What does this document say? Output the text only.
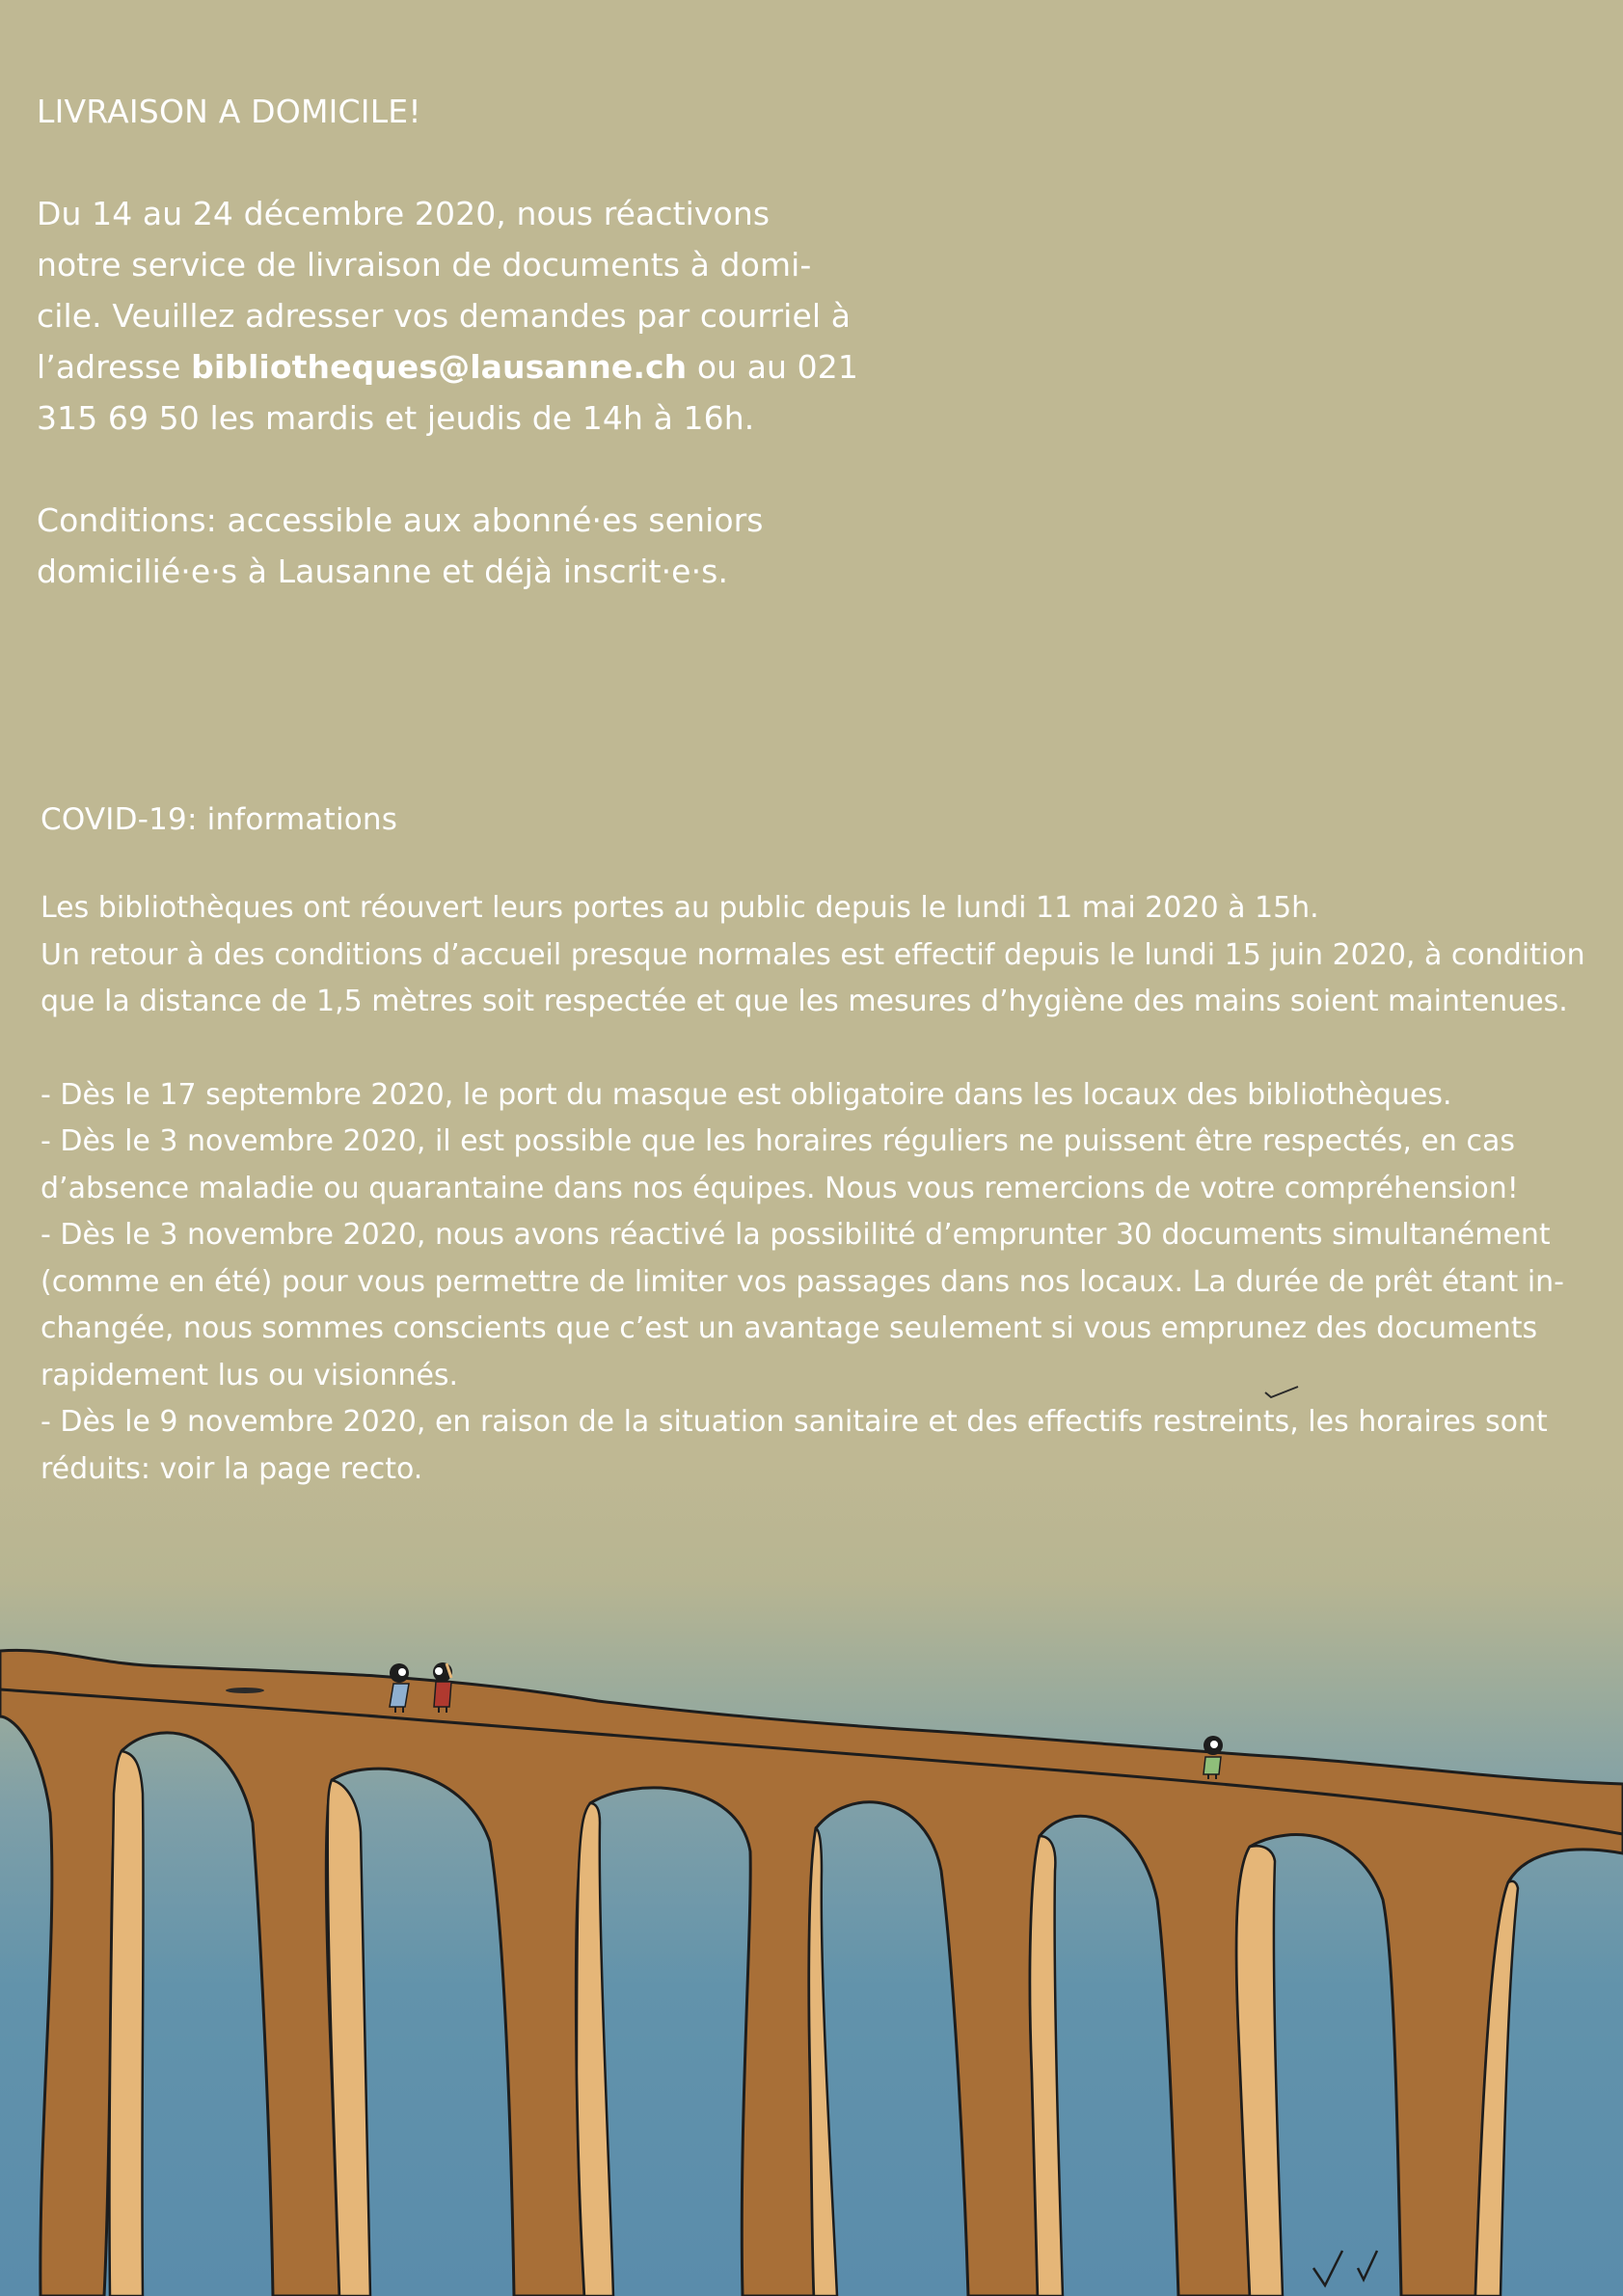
LIVRAISON A DOMICILE!

Du 14 au 24 décembre 2020, nous réactivons
notre service de livraison de documents à domi-
cile. Veuillez adresser vos demandes par courriel à
l’adresse bibliotheques@lausanne.ch ou au 021
315 69 50 les mardis et jeudis de 14h à 16h.

Conditions: accessible aux abonné·es seniors
domicilié·e·s à Lausanne et déjà inscrit·e·s.

COVID-19: informations

Les bibliothèques ont réouvert leurs portes au public depuis le lundi 11 mai 2020 à 15h.
Un retour à des conditions d’accueil presque normales est effectif depuis le lundi 15 juin 2020, à condition
que la distance de 1,5 mètres soit respectée et que les mesures d’hygiène des mains soient maintenues.

- Dès le 17 septembre 2020, le port du masque est obligatoire dans les locaux des bibliothèques.
- Dès le 3 novembre 2020, il est possible que les horaires réguliers ne puissent être respectés, en cas
d’absence maladie ou quarantaine dans nos équipes. Nous vous remercions de votre compréhension!
- Dès le 3 novembre 2020, nous avons réactivé la possibilité d’emprunter 30 documents simultanément
(comme en été) pour vous permettre de limiter vos passages dans nos locaux. La durée de prêt étant in-
changée, nous sommes conscients que c’est un avantage seulement si vous emprunez des documents
rapidement lus ou visionnés.
- Dès le 9 novembre 2020, en raison de la situation sanitaire et des effectifs restreints, les horaires sont
réduits: voir la page recto.
